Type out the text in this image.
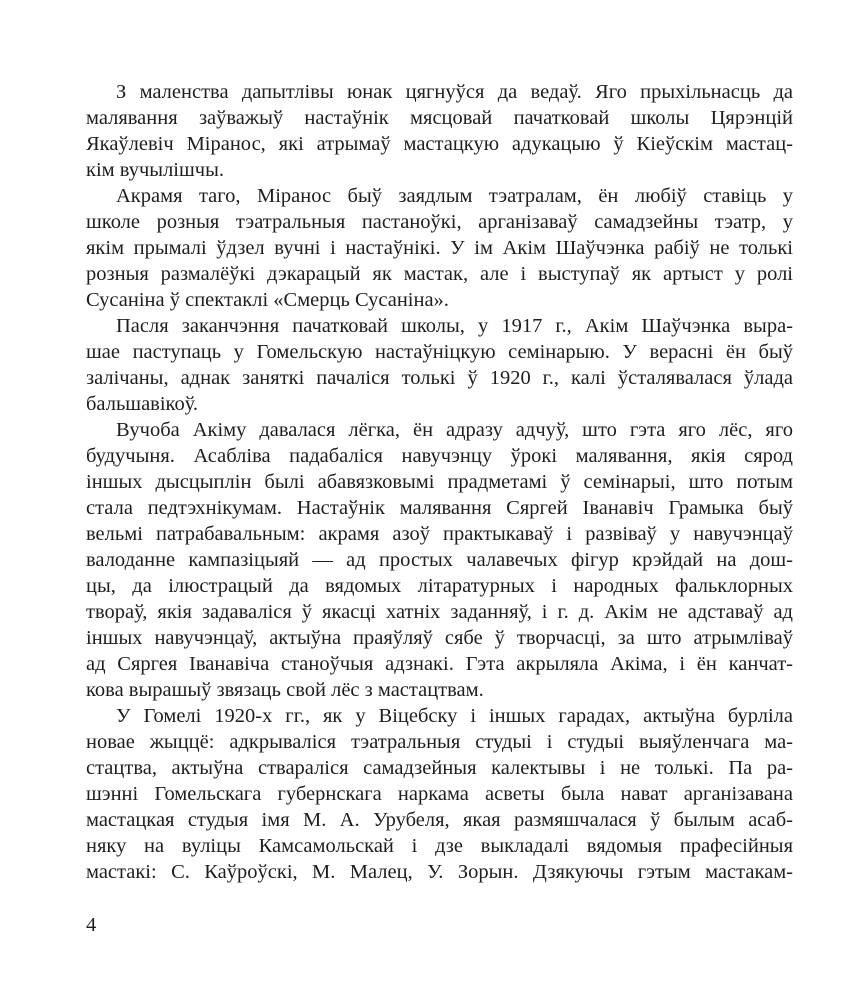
З маленства дапытлівы юнак цягнуўся да ведаў. Яго прыхільнасць да
малявання заўважыў настаўнік мясцовай пачатковай школы Цярэнцій
Якаўлевіч Міранос, які атрымаў мастацкую адукацыю ў Кіеўскім мастац-
кім вучылішчы.
Акрамя таго, Міранос быў заядлым тэатралам, ён любіў ставіць у
школе розныя тэатральныя пастаноўкі, арганізаваў самадзейны тэатр, у
якім прымалі ўдзел вучні і настаўнікі. У ім Акім Шаўчэнка рабіў не толькі
розныя размалёўкі дэкарацый як мастак, але і выступаў як артыст у ролі
Сусаніна ў спектаклі «Смерць Сусаніна».
Пасля заканчэння пачатковай школы, у 1917 г., Акім Шаўчэнка выра-
шае паступаць у Гомельскую настаўніцкую семінарыю. У верасні ён быў
залічаны, аднак заняткі пачаліся толькі ў 1920 г., калі ўсталявалася ўлада
бальшавікоў.
Вучоба Акіму давалася лёгка, ён адразу адчуў, што гэта яго лёс, яго
будучыня. Асабліва падабаліся навучэнцу ўрокі малявання, якія сярод
іншых дысцыплін былі абавязковымі прадметамі ў семінарыі, што потым
стала педтэхнікумам. Настаўнік малявання Сяргей Іванавіч Грамыка быў
вельмі патрабавальным: акрамя азоў практыкаваў і развіваў у навучэнцаў
валоданне кампазіцыяй — ад простых чалавечых фігур крэйдай на дош-
цы, да ілюстрацый да вядомых літаратурных і народных фальклорных
твораў, якія задаваліся ў якасці хатніх заданняў, і г. д. Акім не адставаў ад
іншых навучэнцаў, актыўна праяўляў сябе ў творчасці, за што атрымліваў
ад Сяргея Іванавіча станоўчыя адзнакі. Гэта акрыляла Акіма, і ён канчат-
кова вырашыў звязаць свой лёс з мастацтвам.
У Гомелі 1920-х гг., як у Віцебску і іншых гарадах, актыўна бурліла
новае жыццё: адкрываліся тэатральныя студыі і студыі выяўленчага ма-
стацтва, актыўна ствараліся самадзейныя калектывы і не толькі. Па ра-
шэнні Гомельскага губернскага наркама асветы была нават арганізавана
мастацкая студыя імя М. А. Урубеля, якая размяшчалася ў былым асаб-
няку на вуліцы Камсамольскай і дзе выкладалі вядомыя прафесійныя
мастакі: С. Каўроўскі, М. Малец, У. Зорын. Дзякуючы гэтым мастакам-
4
